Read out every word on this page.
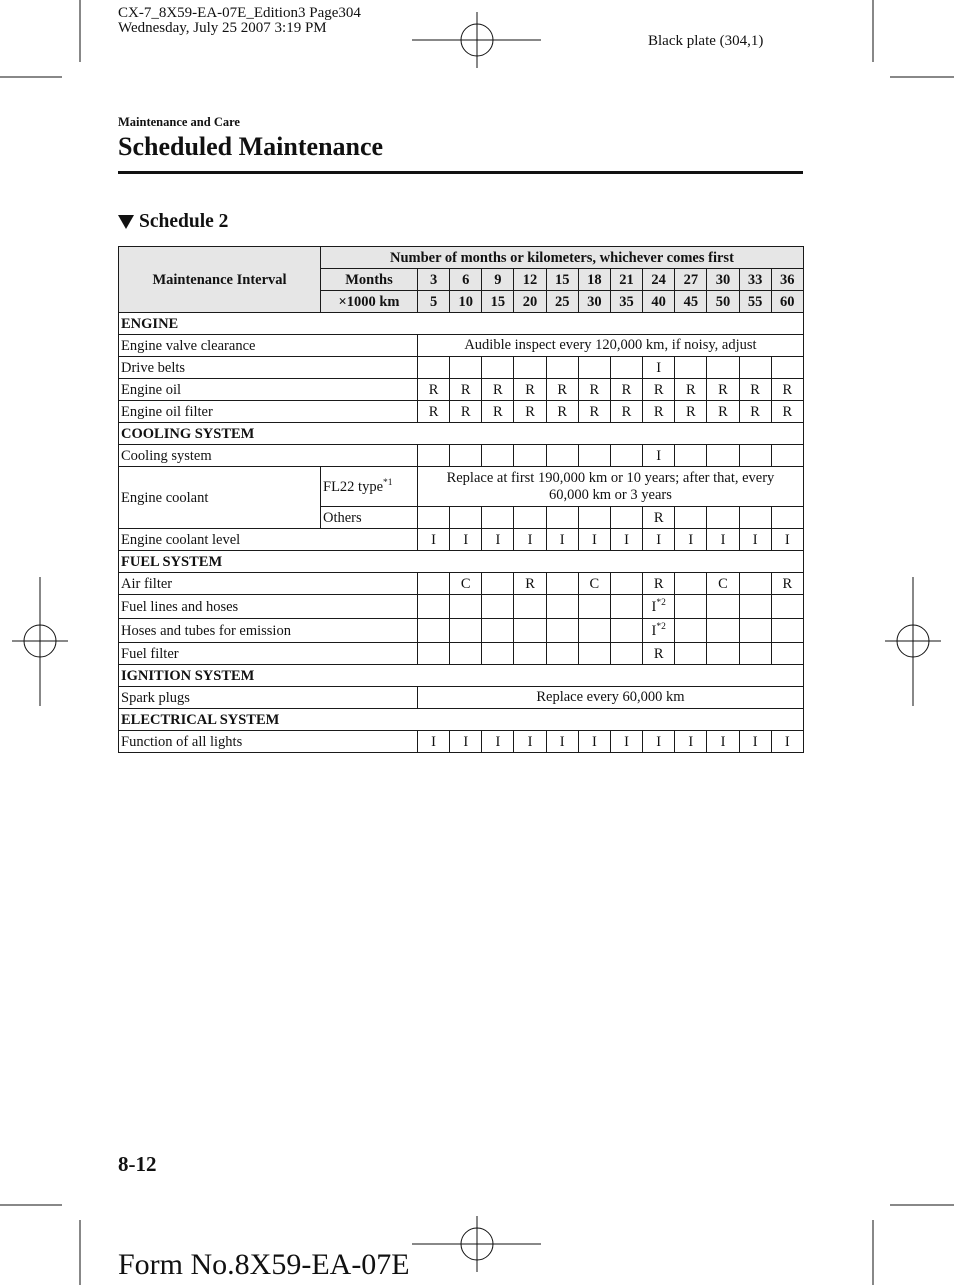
CX-7_8X59-EA-07E_Edition3 Page304
Wednesday, July 25 2007 3:19 PM
Black plate (304,1)
Maintenance and Care
Scheduled Maintenance
Schedule 2
Maintenance Interval	Number of months or kilometers, whichever comes first												
	Months	3	6	9	12	15	18	21	24	27	30	33	36
	×1000 km	5	10	15	20	25	30	35	40	45	50	55	60
ENGINE													
Engine valve clearance		Audible inspect every 120,000 km, if noisy, adjust											
Drive belts									I				
Engine oil		R	R	R	R	R	R	R	R	R	R	R	R
Engine oil filter		R	R	R	R	R	R	R	R	R	R	R	R
COOLING SYSTEM													
Cooling system									I				
Engine coolant	FL22 type$^{*1}$	Replace at first 190,000 km or 10 years; after that, every 60,000 km or 3 years											
	Others								R				
Engine coolant level		I	I	I	I	I	I	I	I	I	I	I	I
FUEL SYSTEM													
Air filter			C		R		C		R		C		R
Fuel lines and hoses									$I^{*2}$				
Hoses and tubes for emission									$I^{*2}$				
Fuel filter									R				
IGNITION SYSTEM													
Spark plugs		Replace every 60,000 km											
ELECTRICAL SYSTEM													
Function of all lights		I	I	I	I	I	I	I	I	I	I	I	I
8-12
Form No.8X59-EA-07E
